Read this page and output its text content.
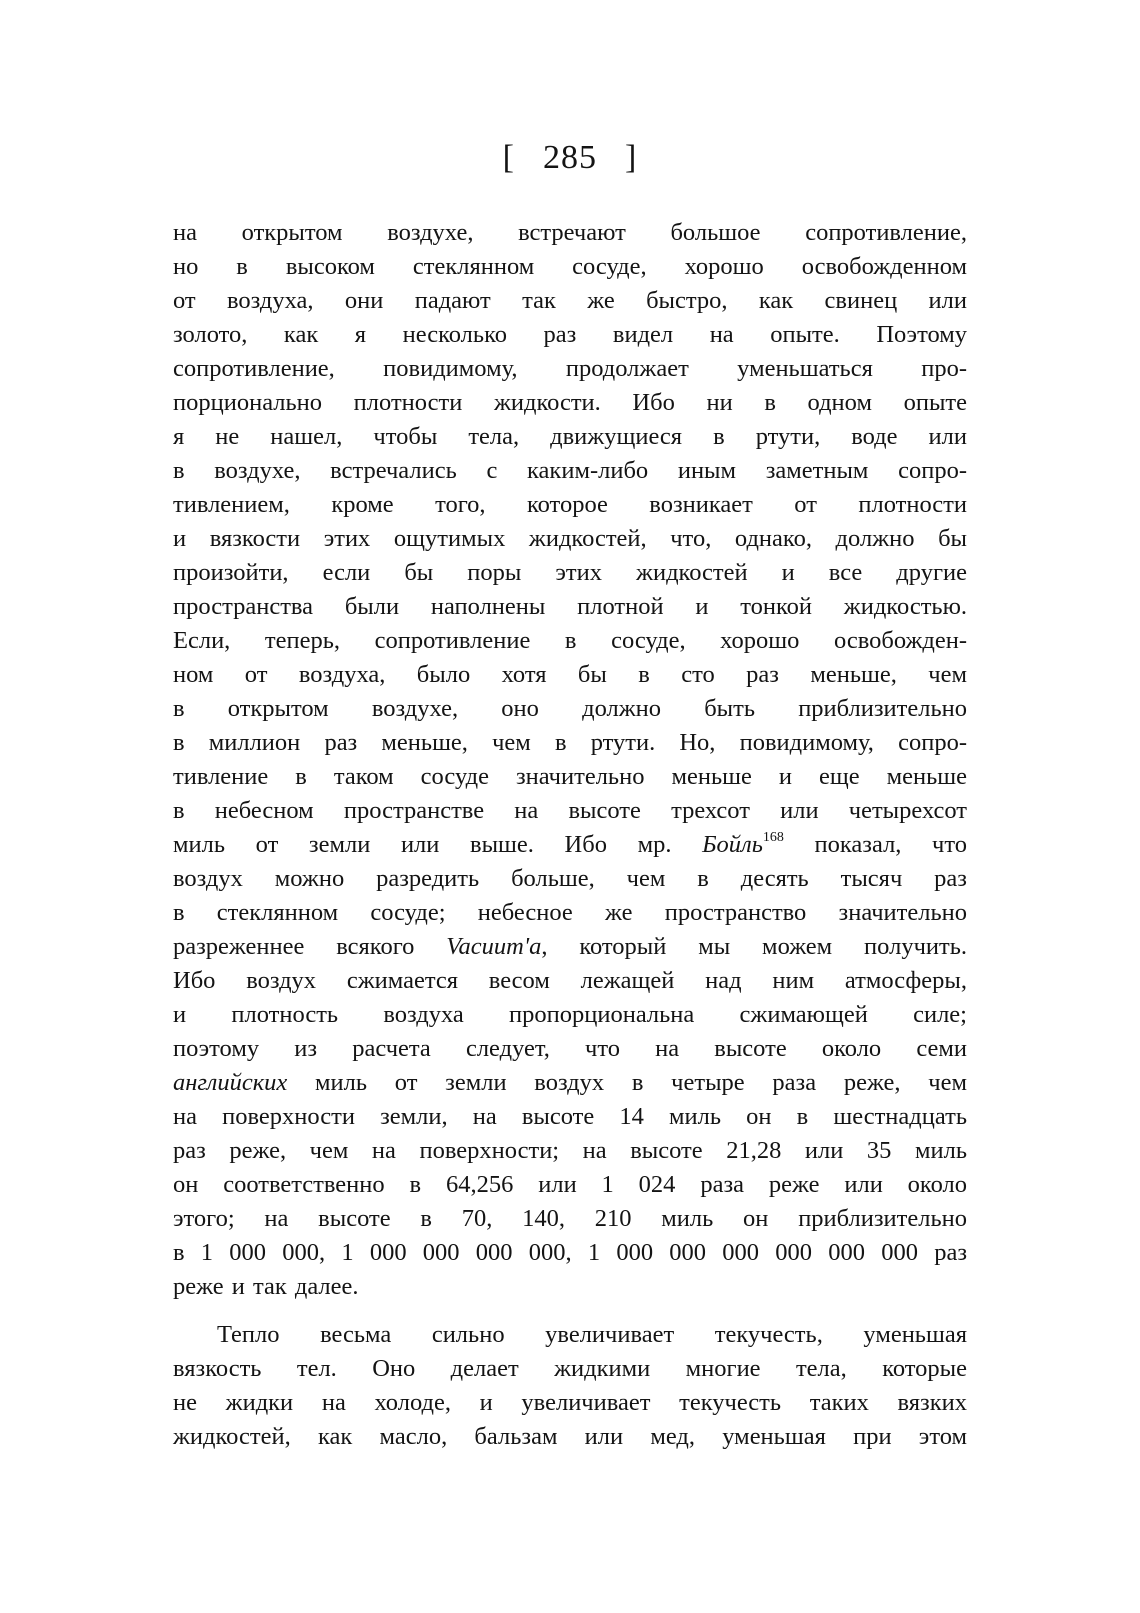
[ 285 ]
на открытом воздухе, встречают большое сопротивление,
но в высоком стеклянном сосуде, хорошо освобожденном
от воздуха, они падают так же быстро, как свинец или
золото, как я несколько раз видел на опыте. Поэтому
сопротивление, повидимому, продолжает уменьшаться про-
порционально плотности жидкости. Ибо ни в одном опыте
я не нашел, чтобы тела, движущиеся в ртути, воде или
в воздухе, встречались с каким-либо иным заметным сопро-
тивлением, кроме того, которое возникает от плотности
и вязкости этих ощутимых жидкостей, что, однако, должно бы
произойти, если бы поры этих жидкостей и все другие
пространства были наполнены плотной и тонкой жидкостью.
Если, теперь, сопротивление в сосуде, хорошо освобожден-
ном от воздуха, было хотя бы в сто раз меньше, чем
в открытом воздухе, оно должно быть приблизительно
в миллион раз меньше, чем в ртути. Но, повидимому, сопро-
тивление в таком сосуде значительно меньше и еще меньше
в небесном пространстве на высоте трехсот или четырехсот
миль от земли или выше. Ибо мр. Бойль$^{168}$ показал, что
воздух можно разредить больше, чем в десять тысяч раз
в стеклянном сосуде; небесное же пространство значительно
разреженнее всякого Vacuum'a, который мы можем получить.
Ибо воздух сжимается весом лежащей над ним атмосферы,
и плотность воздуха пропорциональна сжимающей силе;
поэтому из расчета следует, что на высоте около семи
английских миль от земли воздух в четыре раза реже, чем
на поверхности земли, на высоте 14 миль он в шестнадцать
раз реже, чем на поверхности; на высоте 21,28 или 35 миль
он соответственно в 64,256 или 1 024 раза реже или около
этого; на высоте в 70, 140, 210 миль он приблизительно
в 1 000 000, 1 000 000 000 000, 1 000 000 000 000 000 000 раз
реже и так далее.
Тепло весьма сильно увеличивает текучесть, уменьшая
вязкость тел. Оно делает жидкими многие тела, которые
не жидки на холоде, и увеличивает текучесть таких вязких
жидкостей, как масло, бальзам или мед, уменьшая при этом
